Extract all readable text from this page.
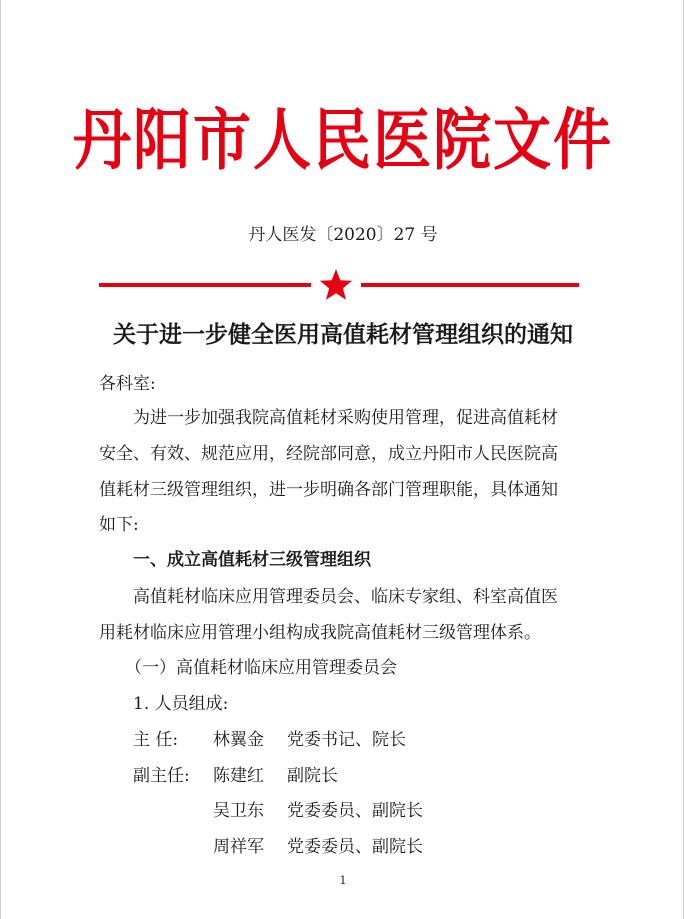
丹阳市人民医院文件
丹人医发〔2020〕27 号
关于进一步健全医用高值耗材管理组织的通知
各科室:
为进一步加强我院高值耗材采购使用管理，促进高值耗材
安全、有效、规范应用，经院部同意，成立丹阳市人民医院高
值耗材三级管理组织，进一步明确各部门管理职能，具体通知
如下:
一、成立高值耗材三级管理组织
高值耗材临床应用管理委员会、临床专家组、科室高值医
用耗材临床应用管理小组构成我院高值耗材三级管理体系。
（一）高值耗材临床应用管理委员会
1. 人员组成:
主 任: 林翼金 党委书记、院长
副主任: 陈建红 副院长
吴卫东 党委委员、副院长
周祥军 党委委员、副院长
1
